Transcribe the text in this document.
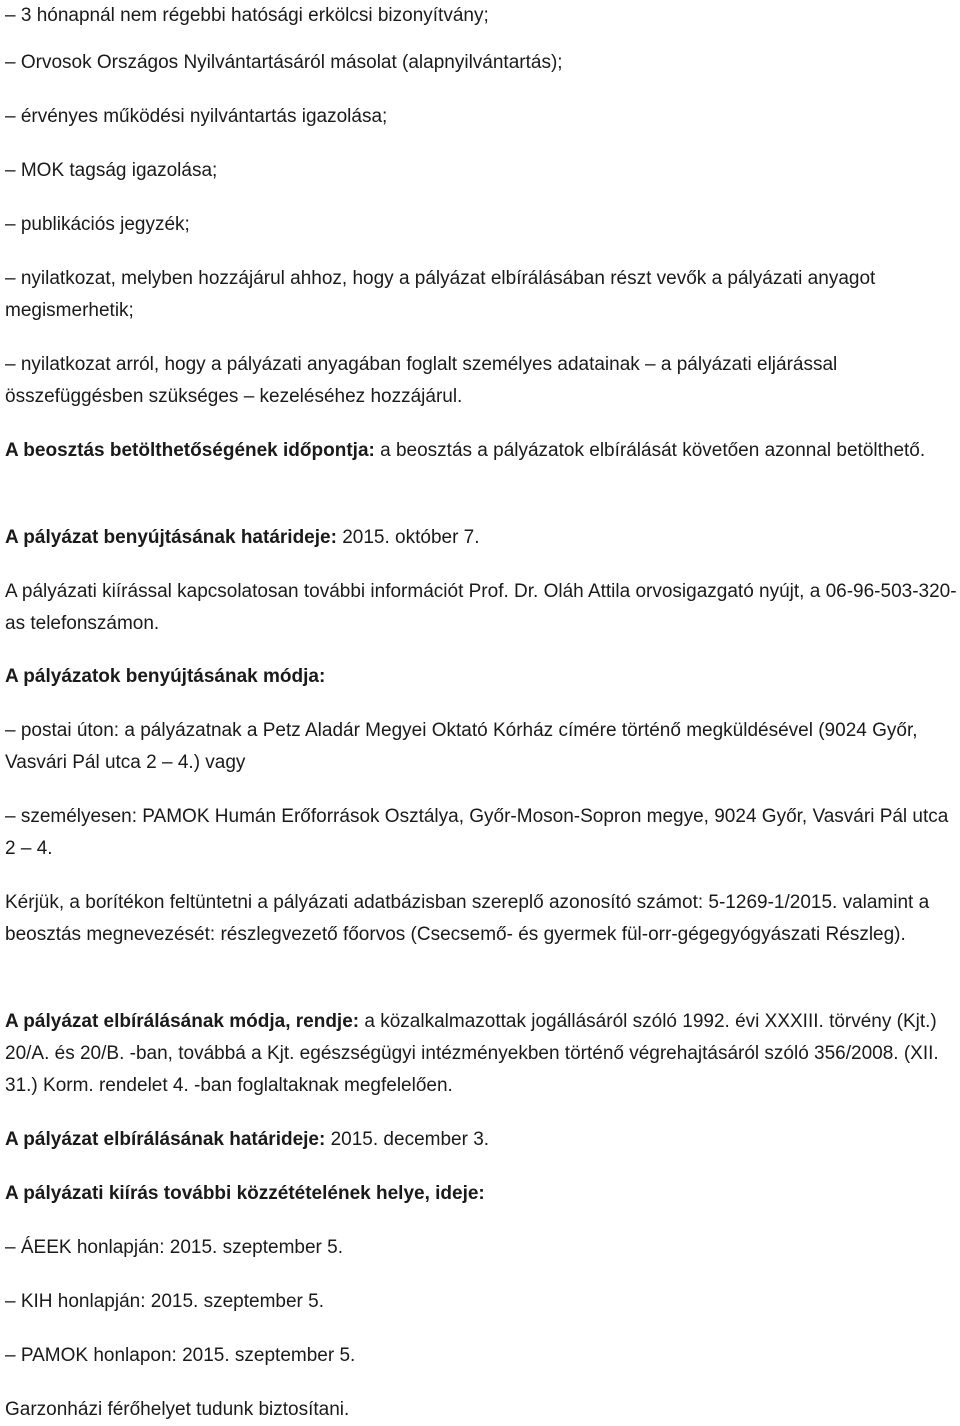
– 3 hónapnál nem régebbi hatósági erkölcsi bizonyítvány;

– Orvosok Országos Nyilvántartásáról másolat (alapnyilvántartás);

– érvényes működési nyilvántartás igazolása;

– MOK tagság igazolása;

– publikációs jegyzék;

– nyilatkozat, melyben hozzájárul ahhoz, hogy a pályázat elbírálásában részt vevők a pályázati anyagot megismerhetik;

– nyilatkozat arról, hogy a pályázati anyagában foglalt személyes adatainak – a pályázati eljárással összefüggésben szükséges – kezeléséhez hozzájárul.

A beosztás betölthetőségének időpontja: a beosztás a pályázatok elbírálását követően azonnal betölthető.

A pályázat benyújtásának határideje: 2015. október 7.

A pályázati kiírással kapcsolatosan további információt Prof. Dr. Oláh Attila orvosigazgató nyújt, a 06-96-503-320-as telefonszámon.

A pályázatok benyújtásának módja:

– postai úton: a pályázatnak a Petz Aladár Megyei Oktató Kórház címére történő megküldésével (9024 Győr, Vasvári Pál utca 2 – 4.) vagy

– személyesen: PAMOK Humán Erőforrások Osztálya, Győr-Moson-Sopron megye, 9024 Győr, Vasvári Pál utca 2 – 4.

Kérjük, a borítékon feltüntetni a pályázati adatbázisban szereplő azonosító számot: 5-1269-1/2015. valamint a beosztás megnevezését: részlegvezető főorvos (Csecsemő- és gyermek fül-orr-gégegyógyászati Részleg).

A pályázat elbírálásának módja, rendje: a közalkalmazottak jogállásáról szóló 1992. évi XXXIII. törvény (Kjt.) 20/A. és 20/B. -ban, továbbá a Kjt. egészségügyi intézményekben történő végrehajtásáról szóló 356/2008. (XII. 31.) Korm. rendelet 4. -ban foglaltaknak megfelelően.

A pályázat elbírálásának határideje: 2015. december 3.

A pályázati kiírás további közzétételének helye, ideje:

– ÁEEK honlapján: 2015. szeptember 5.

– KIH honlapján: 2015. szeptember 5.

– PAMOK honlapon: 2015. szeptember 5.

Garzonházi férőhelyet tudunk biztosítani.
